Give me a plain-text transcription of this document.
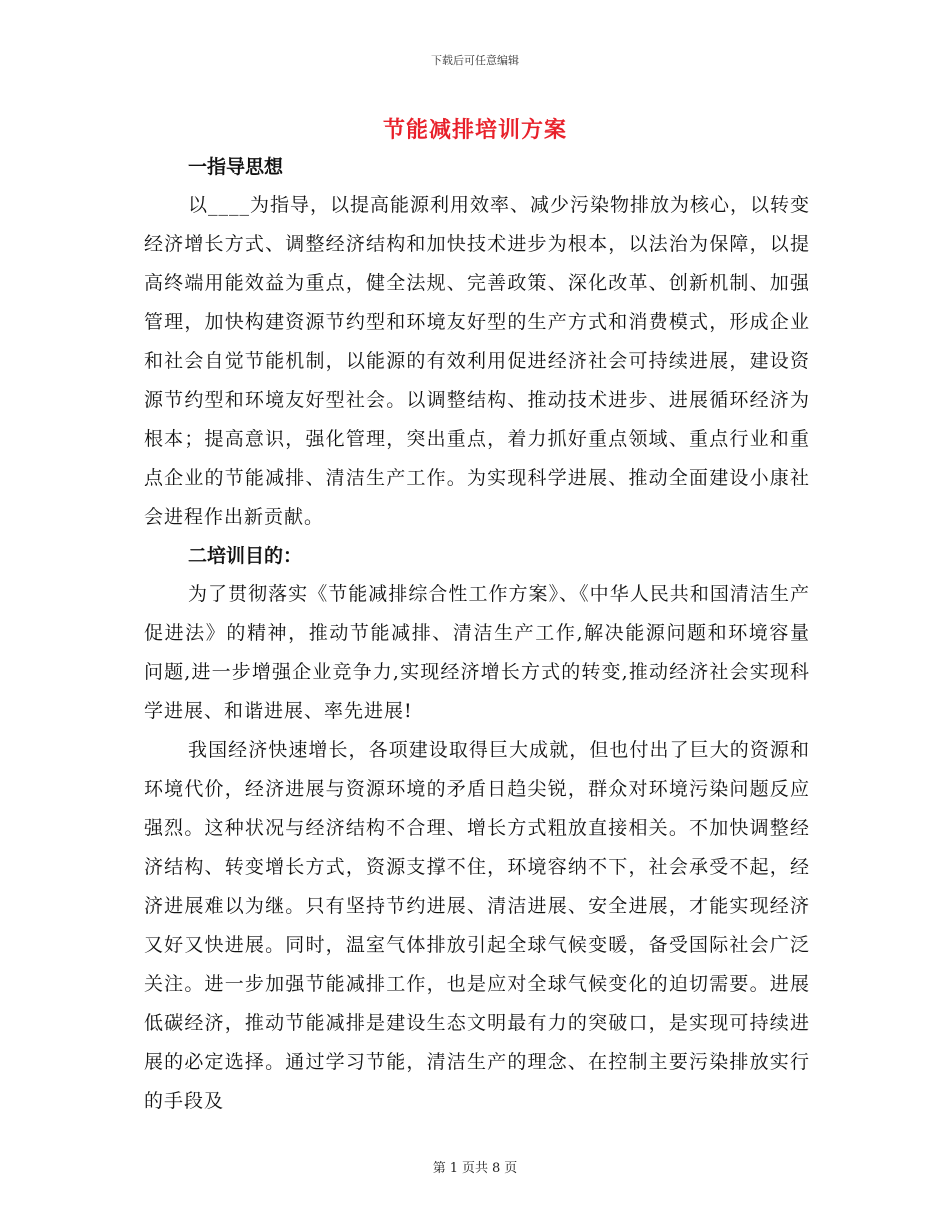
下载后可任意编辑
节能减排培训方案

一指导思想

以____为指导，以提高能源利用效率、减少污染物排放为核心，以转变经济增长方式、调整经济结构和加快技术进步为根本，以法治为保障，以提高终端用能效益为重点，健全法规、完善政策、深化改革、创新机制、加强管理，加快构建资源节约型和环境友好型的生产方式和消费模式，形成企业和社会自觉节能机制，以能源的有效利用促进经济社会可持续进展，建设资源节约型和环境友好型社会。以调整结构、推动技术进步、进展循环经济为根本；提高意识，强化管理，突出重点，着力抓好重点领域、重点行业和重点企业的节能减排、清洁生产工作。为实现科学进展、推动全面建设小康社会进程作出新贡献。

二培训目的：

为了贯彻落实《节能减排综合性工作方案》、《中华人民共和国清洁生产促进法》的精神，推动节能减排、清洁生产工作,解决能源问题和环境容量问题,进一步增强企业竞争力,实现经济增长方式的转变,推动经济社会实现科学进展、和谐进展、率先进展!

我国经济快速增长，各项建设取得巨大成就，但也付出了巨大的资源和环境代价，经济进展与资源环境的矛盾日趋尖锐，群众对环境污染问题反应强烈。这种状况与经济结构不合理、增长方式粗放直接相关。不加快调整经济结构、转变增长方式，资源支撑不住，环境容纳不下，社会承受不起，经济进展难以为继。只有坚持节约进展、清洁进展、安全进展，才能实现经济又好又快进展。同时，温室气体排放引起全球气候变暖，备受国际社会广泛关注。进一步加强节能减排工作，也是应对全球气候变化的迫切需要。进展低碳经济，推动节能减排是建设生态文明最有力的突破口，是实现可持续进展的必定选择。通过学习节能，清洁生产的理念、在控制主要污染排放实行的手段及

第 1 页共 8 页
